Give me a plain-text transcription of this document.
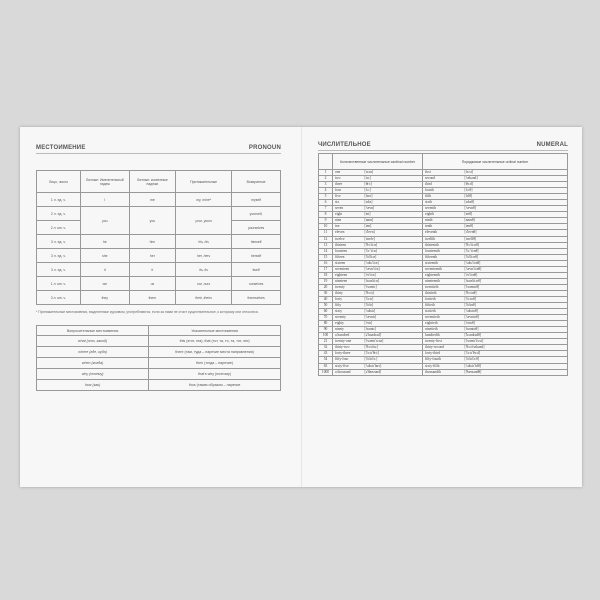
МЕСТОИМЕНИЕ	PRONOUN
Лицо, число	Личные: Именительный падеж	Личные: косвенные падежи	Притяжательные	Возвратные
1 л. ед. ч.	I	me	my, mine*	myself
2 л. ед. ч.	you	you	your, yours	yourself,
2 л. мн. ч.				yourselves
3 л. ед. ч.	he	him	his, his	himself
3 л. ед. ч.	she	her	her, hers	herself
3 л. ед. ч.	it	it	its, its	itself
1 л. мн. ч.	we	us	our, ours	ourselves
3 л. мн. ч.	they	them	their, theirs	themselves

* Притяжательные местоимения, выделенные курсивом, употребляются, если за ними не стоит существительное, к которому они относятся.

Вопросительные местоимения	Указательные местоимения
what (что, какой)	this (этот, эта); that (тот, та, то, та, тот, эти)
where (где, куда)	there (там, туда – наречие места направления)
when (когда)	then (тогда – наречие)
why (почему)	that's why (поэтому)
how (как)	thus (таким образом – наречие
ЧИСЛИТЕЛЬНОЕ	NUMERAL
	Количественные числительные cardinal number		Порядковые числительные ordinal number	
1	one	[wʌn]	first	[fɜːst]
2	two	[tuː]	second	['sekənd]
3	three	[θriː]	third	[θɜːd]
4	four	[fɔː]	fourth	[fɔːθ]
5	five	[faɪv]	fifth	[fɪfθ]
6	six	[sɪks]	sixth	[sɪksθ]
7	seven	['sevn]	seventh	['sevnθ]
8	eight	[eɪt]	eighth	[eɪtθ]
9	nine	[naɪn]	ninth	[naɪnθ]
10	ten	[ten]	tenth	[tenθ]
11	eleven	[ɪ'levn]	eleventh	[ɪ'levnθ]
12	twelve	[twelv]	twelfth	[twelfθ]
13	thirteen	['θɜː'tiːn]	thirteenth	['θɜː'tiːnθ]
14	fourteen	['fɔː'tiːn]	fourteenth	['fɔː'tiːnθ]
15	fifteen	['fɪf'tiːn]	fifteenth	['fɪf'tiːnθ]
16	sixteen	['sɪks'tiːn]	sixteenth	['sɪks'tiːnθ]
17	seventeen	['sevn'tiːn]	seventeenth	['sevn'tiːnθ]
18	eighteen	['eɪ'tiːn]	eighteenth	['eɪ'tiːnθ]
19	nineteen	['naɪn'tiːn]	nineteenth	['naɪn'tiːnθ]
20	twenty	['twentɪ]	twentieth	['twentɪɪθ]
30	thirty	['θɜːtɪ]	thirtieth	['θɜːtɪɪθ]
40	forty	['fɔːtɪ]	fortieth	['fɔːtɪɪθ]
50	fifty	['fɪftɪ]	fiftieth	['fɪftɪɪθ]
60	sixty	['sɪkstɪ]	sixtieth	['sɪkstɪɪθ]
70	seventy	['sevntɪ]	seventieth	['sevntɪɪθ]
80	eighty	['eɪtɪ]	eightieth	['eɪtɪɪθ]
90	ninety	['naɪntɪ]	ninetieth	['naɪntɪɪθ]
100	a hundred	[ə'hʌndrəd]	hundredth	['hʌndrədθ]
21	twenty-one	['twentɪ'wʌn]	twenty-first	['twentɪ'fɜːst]
32	thirty-two	['θɜːtɪ'tuː]	thirty-second	['θɜːtɪ'sekənd]
43	forty-three	['fɔːtɪ'θriː]	forty-third	['fɔːtɪ'θɜːd]
54	fifty-four	['fɪftɪ'fɔː]	fifty-fourth	['fɪftɪ'fɔːθ]
65	sixty-five	['sɪkstɪ'faɪv]	sixty-fifth	['sɪkstɪ'fɪfθ]
1000	a thousand	[ə'θaʊzənd]	thousandth	['θaʊzəndθ]
